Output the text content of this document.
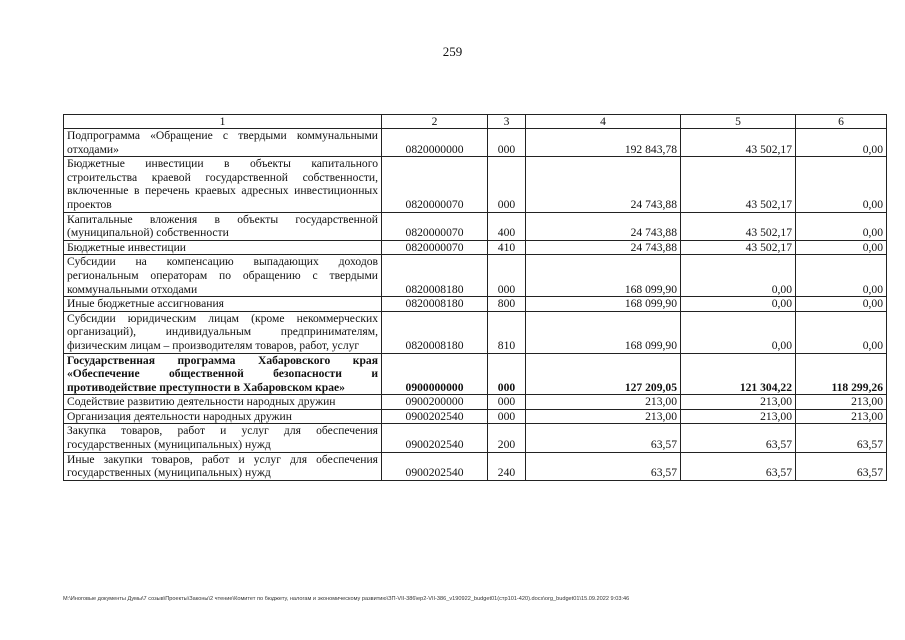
259
1	2	3	4	5	6
Подпрограмма «Обращение с твердыми коммунальными отходами»	0820000000	000	192 843,78	43 502,17	0,00
Бюджетные инвестиции в объекты капитального строительства краевой государственной собственности, включенные в перечень краевых адресных инвестиционных проектов	0820000070	000	24 743,88	43 502,17	0,00
Капитальные вложения в объекты государственной (муниципальной) собственности	0820000070	400	24 743,88	43 502,17	0,00
Бюджетные инвестиции	0820000070	410	24 743,88	43 502,17	0,00
Субсидии на компенсацию выпадающих доходов региональным операторам по обращению с твердыми коммунальными отходами	0820008180	000	168 099,90	0,00	0,00
Иные бюджетные ассигнования	0820008180	800	168 099,90	0,00	0,00
Субсидии юридическим лицам (кроме некоммерческих организаций), индивидуальным предпринимателям, физическим лицам – производителям товаров, работ, услуг	0820008180	810	168 099,90	0,00	0,00
Государственная программа Хабаровского края «Обеспечение общественной безопасности и противодействие преступности в Хабаровском крае»	0900000000	000	127 209,05	121 304,22	118 299,26
Содействие развитию деятельности народных дружин	0900200000	000	213,00	213,00	213,00
Организация деятельности народных дружин	0900202540	000	213,00	213,00	213,00
Закупка товаров, работ и услуг для обеспечения государственных (муниципальных) нужд	0900202540	200	63,57	63,57	63,57
Иные закупки товаров, работ и услуг для обеспечения государственных (муниципальных) нужд	0900202540	240	63,57	63,57	63,57
M:\Иноговые документы Думы\7 созыв\Проекты\Законы\2 чтение\Комитет по бюджету, налогам и экономическому развитию\ЗП-VII-386\ер2-VII-386_v190922_budget01(стр101-420).docx\org_budget01\15.09.2022 9:03:46
